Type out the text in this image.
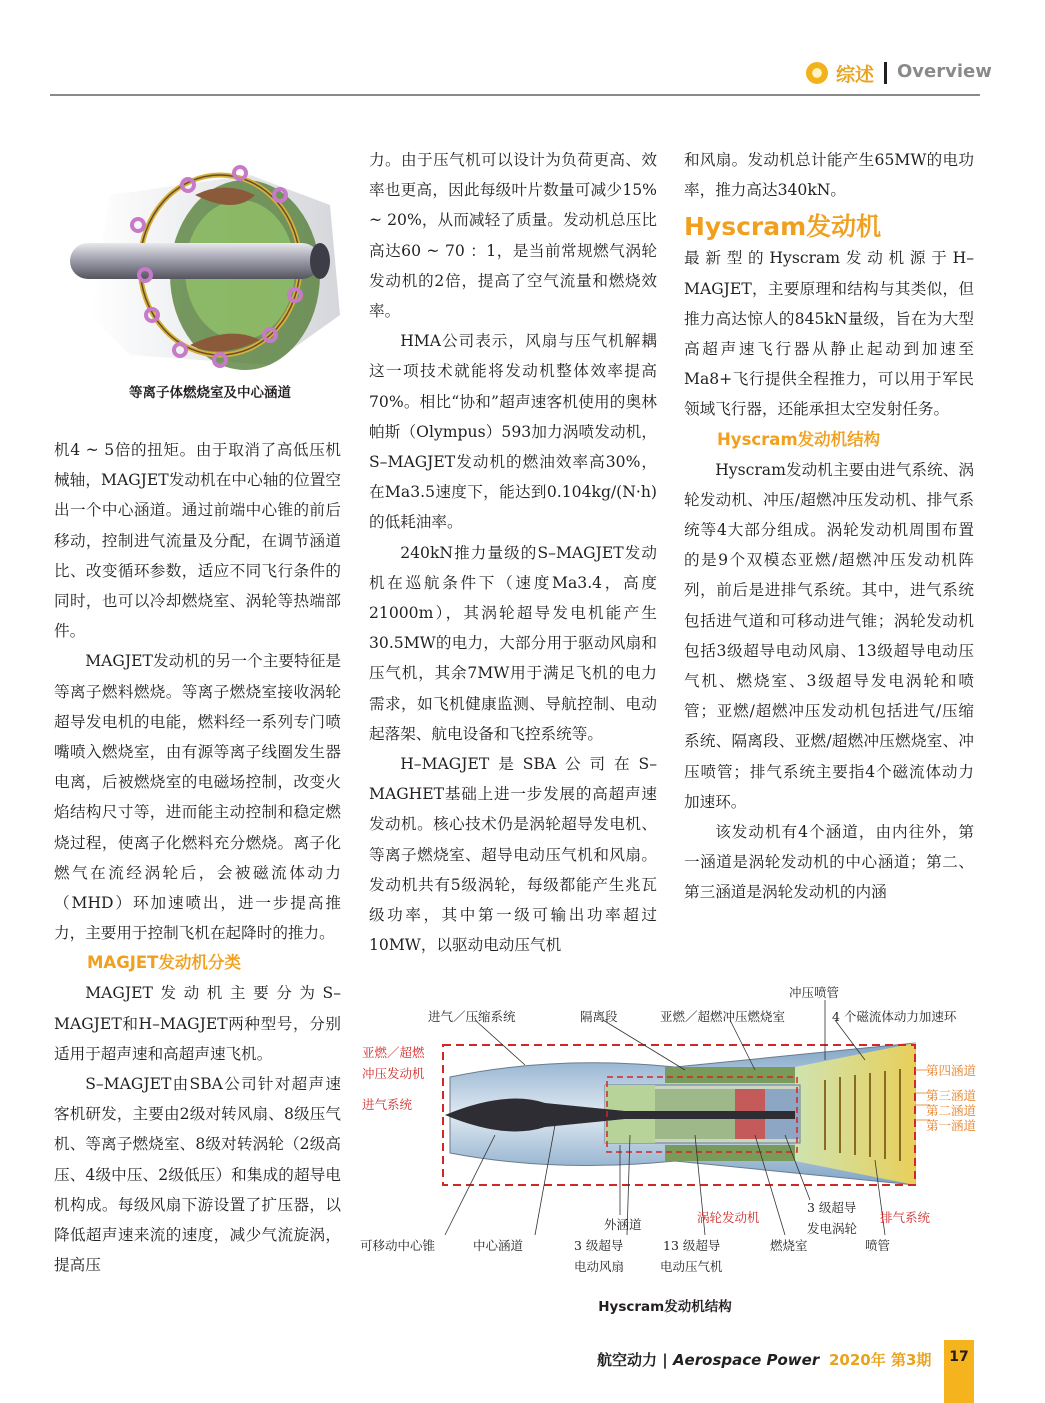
综述 Overview
等离子体燃烧室及中心涵道

机4 ~ 5倍的扭矩。由于取消了高低压机械轴，MAGJET发动机在中心轴的位置空出一个中心涵道。通过前端中心锥的前后移动，控制进气流量及分配，在调节涵道比、改变循环参数，适应不同飞行条件的同时，也可以冷却燃烧室、涡轮等热端部件。

MAGJET发动机的另一个主要特征是等离子燃料燃烧。等离子燃烧室接收涡轮超导发电机的电能，燃料经一系列专门喷嘴喷入燃烧室，由有源等离子线圈发生器电离，后被燃烧室的电磁场控制，改变火焰结构尺寸等，进而能主动控制和稳定燃烧过程，使离子化燃料充分燃烧。离子化燃气在流经涡轮后，会被磁流体动力（MHD）环加速喷出，进一步提高推力，主要用于控制飞机在起降时的推力。

MAGJET发动机分类

MAGJET发动机主要分为S–MAGJET和H–MAGJET两种型号，分别适用于超声速和高超声速飞机。

S–MAGJET由SBA公司针对超声速客机研发，主要由2级对转风扇、8级压气机、等离子燃烧室、8级对转涡轮（2级高压、4级中压、2级低压）和集成的超导电机构成。每级风扇下游设置了扩压器，以降低超声速来流的速度，减少气流旋涡，提高压

力。由于压气机可以设计为负荷更高、效率也更高，因此每级叶片数量可减少15% ~ 20%，从而减轻了质量。发动机总压比高达60 ~ 70 ：1，是当前常规燃气涡轮发动机的2倍，提高了空气流量和燃烧效率。

HMA公司表示，风扇与压气机解耦这一项技术就能将发动机整体效率提高70%。相比“协和”超声速客机使用的奥林帕斯（Olympus）593加力涡喷发动机，S–MAGJET发动机的燃油效率高30%，在Ma3.5速度下，能达到0.104kg/(N·h)的低耗油率。

240kN推力量级的S–MAGJET发动机在巡航条件下（速度Ma3.4，高度21000m），其涡轮超导发电机能产生30.5MW的电力，大部分用于驱动风扇和压气机，其余7MW用于满足飞机的电力需求，如飞机健康监测、导航控制、电动起落架、航电设备和飞控系统等。

H–MAGJET是SBA公司在S–MAGHET基础上进一步发展的高超声速发动机。核心技术仍是涡轮超导发电机、等离子燃烧室、超导电动压气机和风扇。发动机共有5级涡轮，每级都能产生兆瓦级功率，其中第一级可输出功率超过10MW，以驱动电动压气机

和风扇。发动机总计能产生65MW的电功率，推力高达340kN。

Hyscram发动机

最新型的Hyscram发动机源于H–MAGJET，主要原理和结构与其类似，但推力高达惊人的845kN量级，旨在为大型高超声速飞行器从静止起动到加速至Ma8+飞行提供全程推力，可以用于军民领域飞行器，还能承担太空发射任务。

Hyscram发动机结构

Hyscram发动机主要由进气系统、涡轮发动机、冲压/超燃冲压发动机、排气系统等4大部分组成。涡轮发动机周围布置的是9个双模态亚燃/超燃冲压发动机阵列，前后是进排气系统。其中，进气系统包括进气道和可移动进气锥；涡轮发动机包括3级超导电动风扇、13级超导电动压气机、燃烧室、3级超导发电涡轮和喷管；亚燃/超燃冲压发动机包括进气/压缩系统、隔离段、亚燃/超燃冲压燃烧室、冲压喷管；排气系统主要指4个磁流体动力加速环。

该发动机有4个涵道，由内往外，第一涵道是涡轮发动机的中心涵道；第二、第三涵道是涡轮发动机的内涵

冲压喷管
进气／压缩系统	隔离段	亚燃／超燃冲压燃烧室	4 个磁流体动力加速环
亚燃／超燃
冲压发动机
进气系统
第四涵道
第三涵道
第二涵道
第一涵道
外涵道	涡轮发动机
3 级超导
发电涡轮
排气系统
可移动中心锥	中心涵道	3 级超导
电动风扇
13 级超导
电动压气机
燃烧室	喷管
Hyscram发动机结构
航空动力 | Aerospace Power 2020年 第3期	17
